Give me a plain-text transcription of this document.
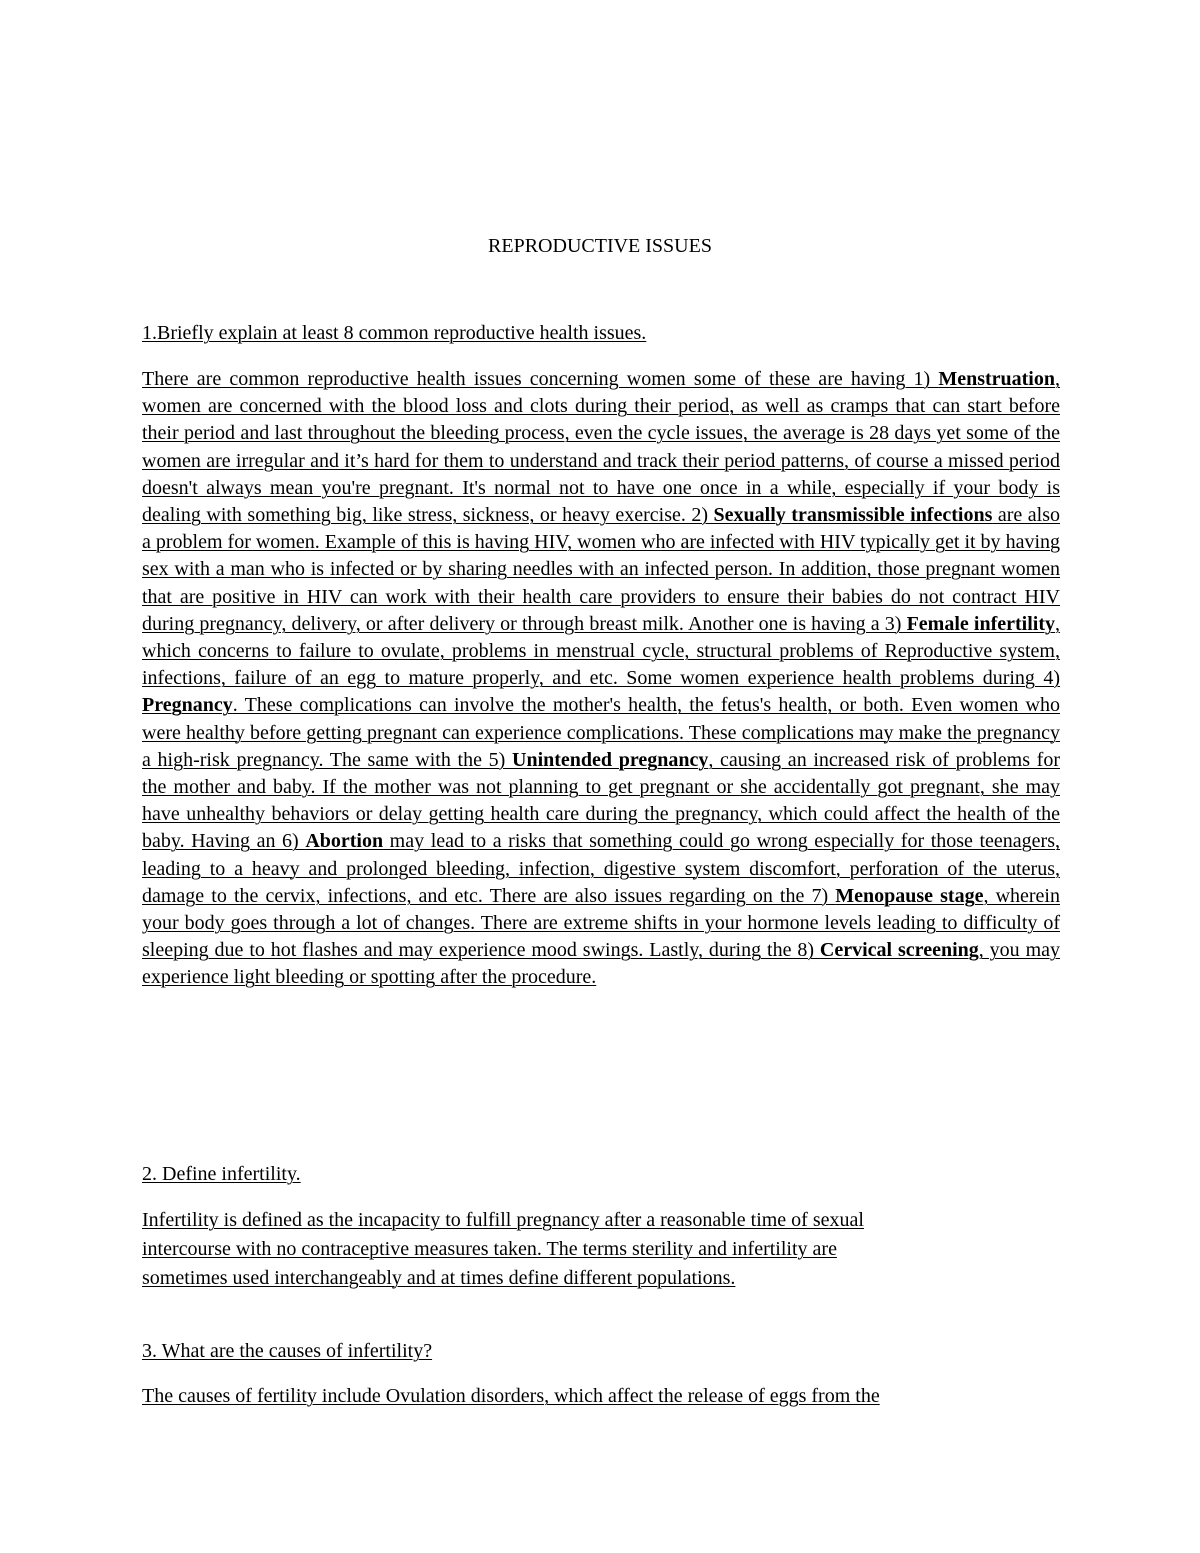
REPRODUCTIVE ISSUES
1.Briefly explain at least 8 common reproductive health issues.
There are common reproductive health issues concerning women some of these are having 1) Menstruation, women are concerned with the blood loss and clots during their period, as well as cramps that can start before their period and last throughout the bleeding process, even the cycle issues, the average is 28 days yet some of the women are irregular and it’s hard for them to understand and track their period patterns, of course a missed period doesn't always mean you're pregnant. It's normal not to have one once in a while, especially if your body is dealing with something big, like stress, sickness, or heavy exercise. 2) Sexually transmissible infections are also a problem for women. Example of this is having HIV, women who are infected with HIV typically get it by having sex with a man who is infected or by sharing needles with an infected person. In addition, those pregnant women that are positive in HIV can work with their health care providers to ensure their babies do not contract HIV during pregnancy, delivery, or after delivery or through breast milk. Another one is having a 3) Female infertility, which concerns to failure to ovulate, problems in menstrual cycle, structural problems of Reproductive system, infections, failure of an egg to mature properly, and etc. Some women experience health problems during 4) Pregnancy. These complications can involve the mother's health, the fetus's health, or both. Even women who were healthy before getting pregnant can experience complications. These complications may make the pregnancy a high-risk pregnancy. The same with the 5) Unintended pregnancy, causing an increased risk of problems for the mother and baby. If the mother was not planning to get pregnant or she accidentally got pregnant, she may have unhealthy behaviors or delay getting health care during the pregnancy, which could affect the health of the baby. Having an 6) Abortion may lead to a risks that something could go wrong especially for those teenagers, leading to a heavy and prolonged bleeding, infection, digestive system discomfort, perforation of the uterus, damage to the cervix, infections, and etc. There are also issues regarding on the 7) Menopause stage, wherein your body goes through a lot of changes. There are extreme shifts in your hormone levels leading to difficulty of sleeping due to hot flashes and may experience mood swings. Lastly, during the 8) Cervical screening, you may experience light bleeding or spotting after the procedure.
2. Define infertility.
Infertility is defined as the incapacity to fulfill pregnancy after a reasonable time of sexual
intercourse with no contraceptive measures taken. The terms sterility and infertility are
sometimes used interchangeably and at times define different populations.
3. What are the causes of infertility?
The causes of fertility include Ovulation disorders, which affect the release of eggs from the
